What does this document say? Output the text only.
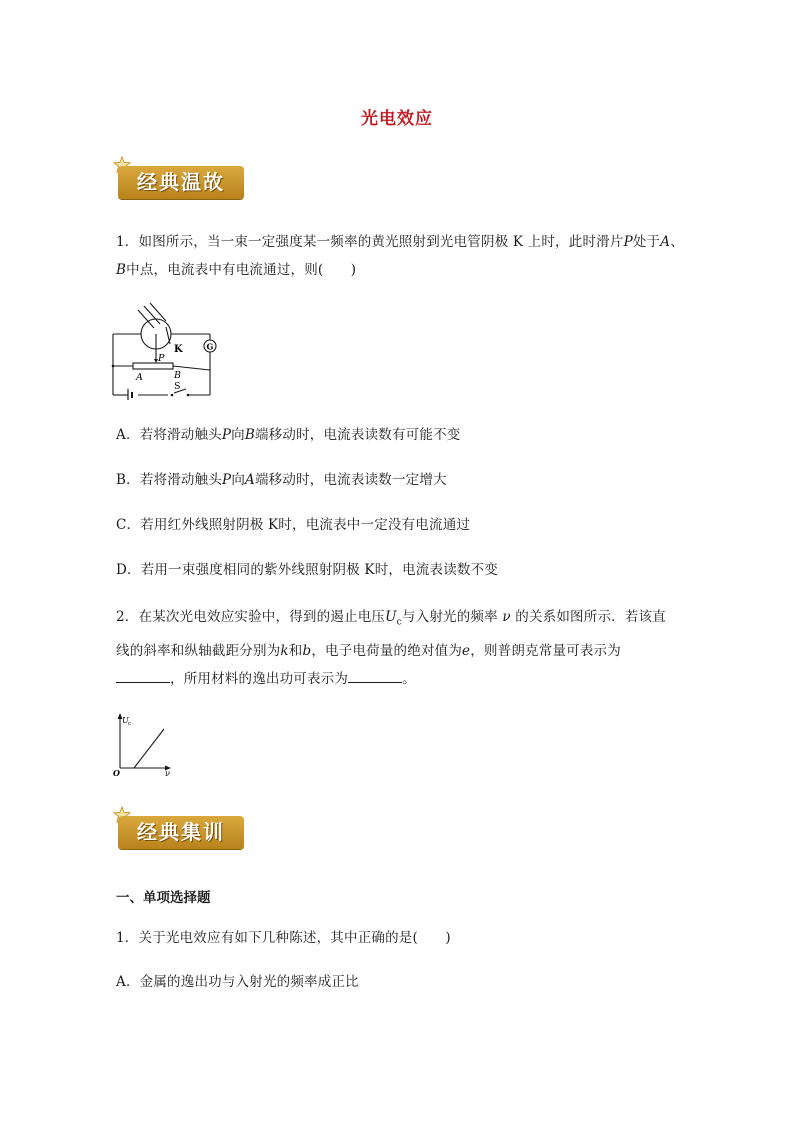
光电效应
经典温故
1．如图所示，当一束一定强度某一频率的黄光照射到光电管阴极 K 上时，此时滑片P处于A、
B中点，电流表中有电流通过，则(　　)
K	G
P
A	B
S
A．若将滑动触头P向B端移动时，电流表读数有可能不变
B．若将滑动触头P向A端移动时，电流表读数一定增大
C．若用红外线照射阴极 K时，电流表中一定没有电流通过
D．若用一束强度相同的紫外线照射阴极 K时，电流表读数不变
2．在某次光电效应实验中，得到的遏止电压$U_c$与入射光的频率 ν 的关系如图所示．若该直
线的斜率和纵轴截距分别为k和b，电子电荷量的绝对值为e，则普朗克常量可表示为
，所用材料的逸出功可表示为	。
U c
ν
O
经典集训
一、单项选择题
1．关于光电效应有如下几种陈述，其中正确的是(　　)
A．金属的逸出功与入射光的频率成正比
